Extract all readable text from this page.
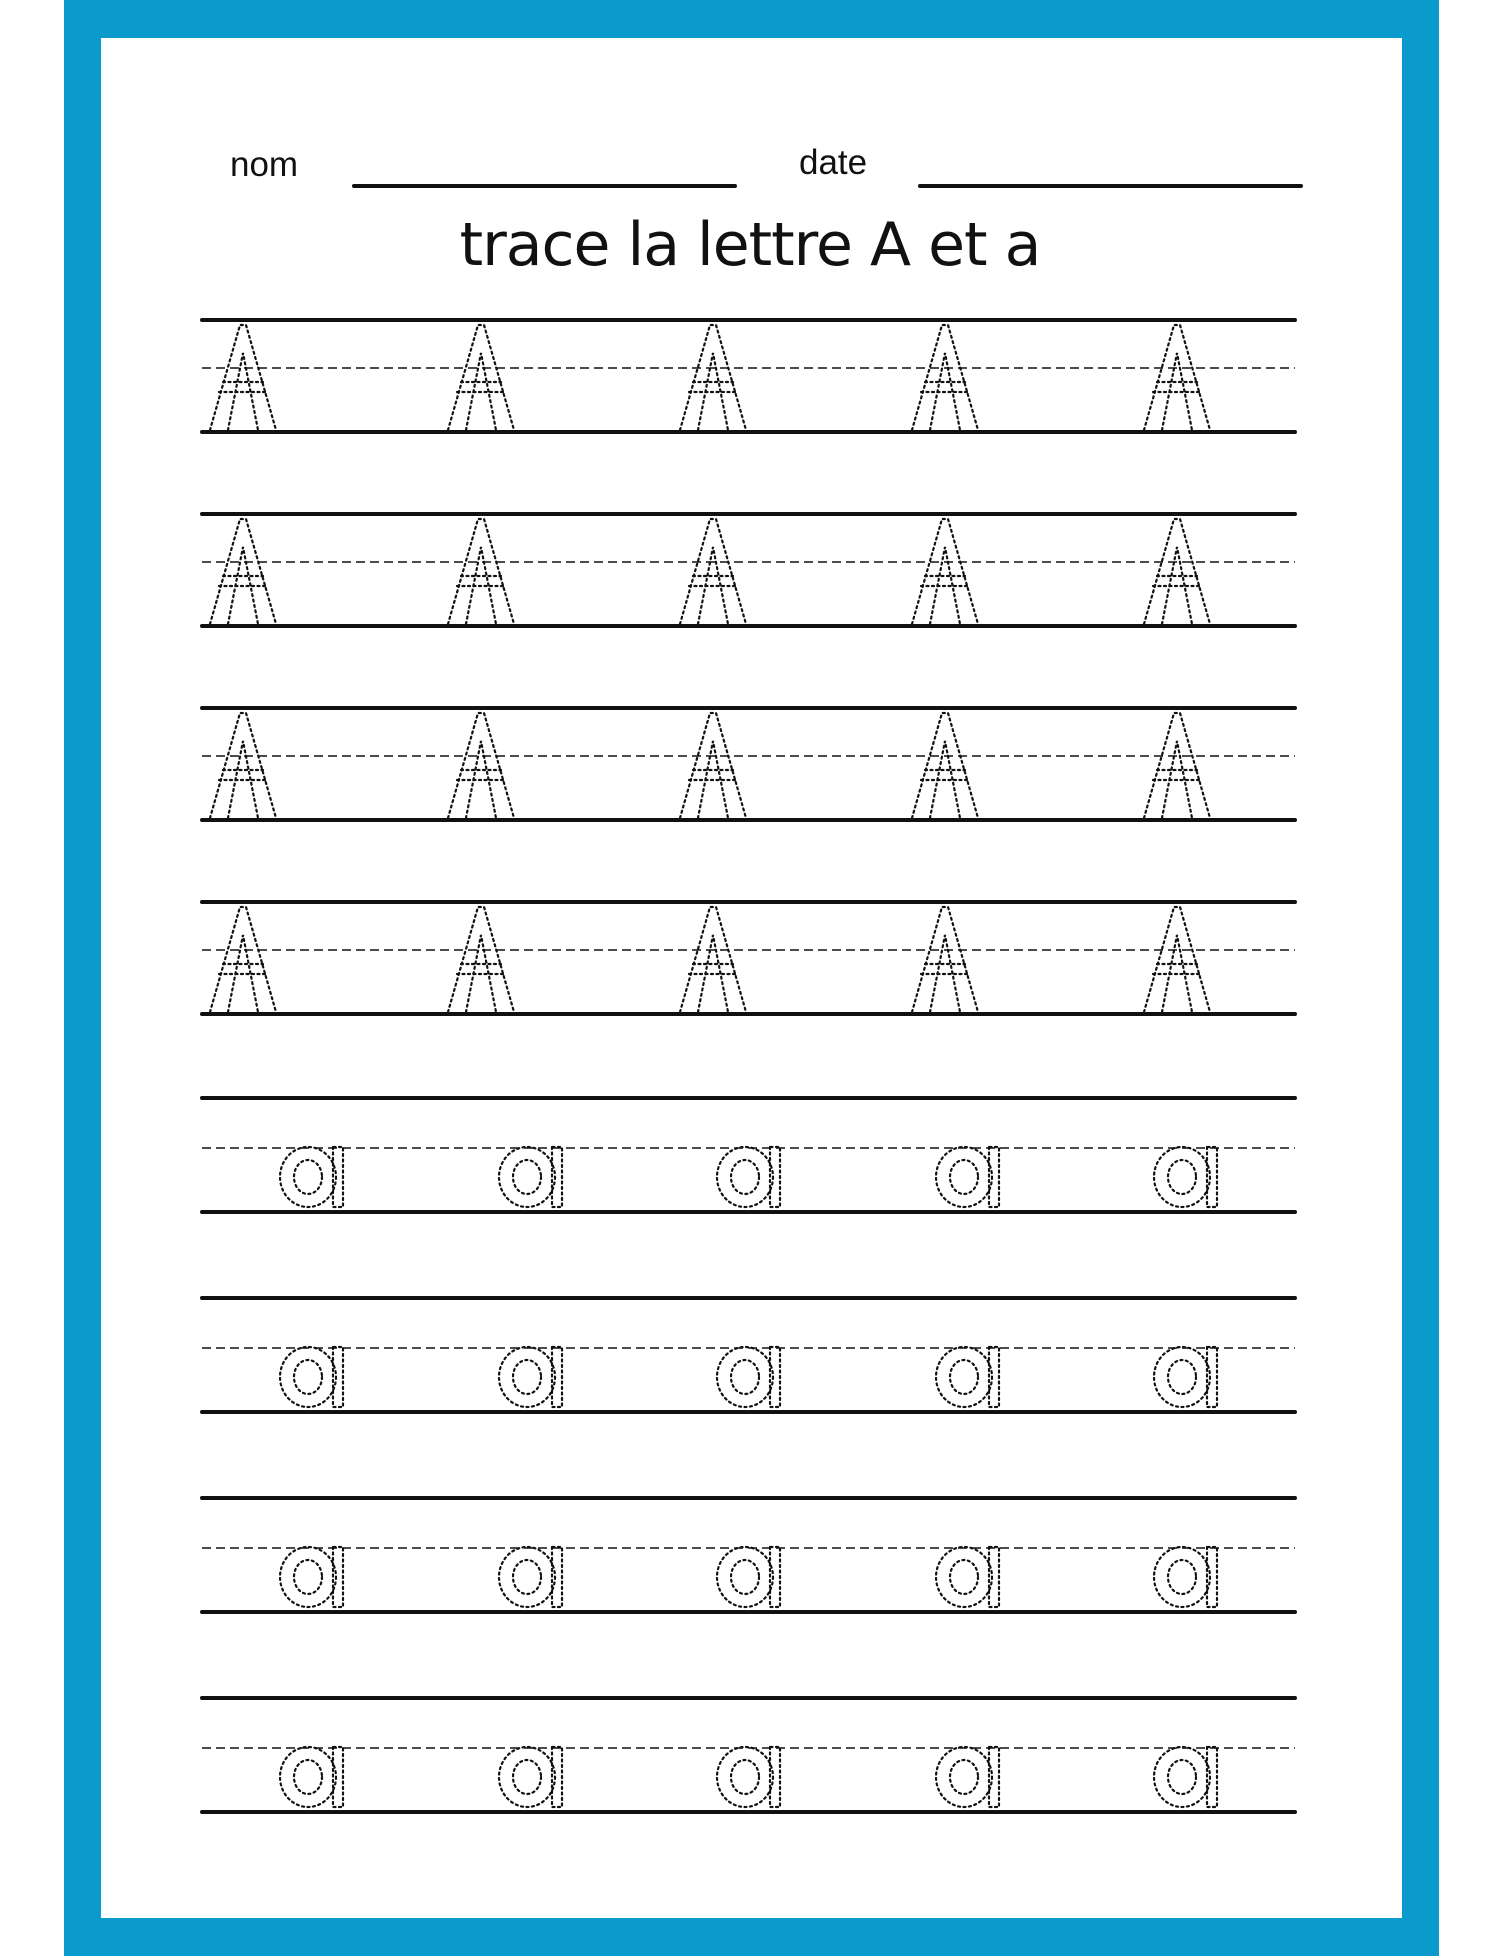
nom	date
trace la lettre A et a
